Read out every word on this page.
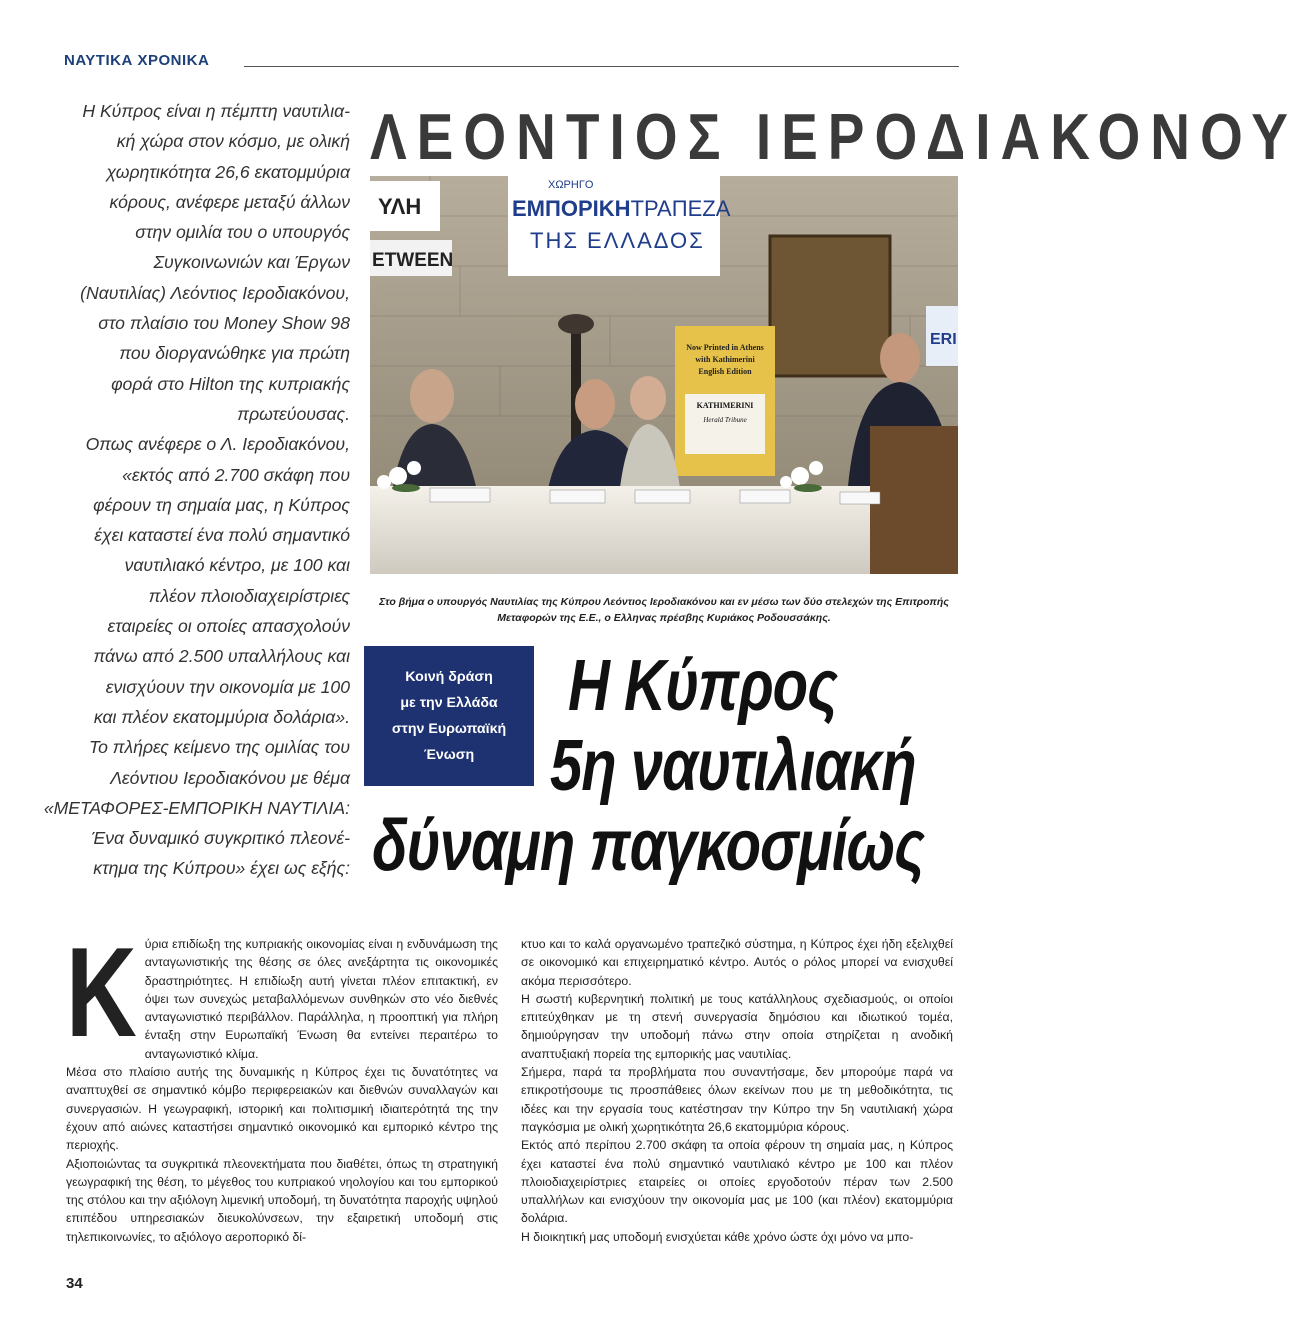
ΝΑΥΤΙΚΑ ΧΡΟΝΙΚΑ

Η Κύπρος είναι η πέμπτη ναυτιλια-

κή χώρα στον κόσμο, με ολική

χωρητικότητα 26,6 εκατομμύρια

κόρους, ανέφερε μεταξύ άλλων

στην ομιλία του ο υπουργός

Συγκοινωνιών και Έργων

(Ναυτιλίας) Λεόντιος Ιεροδιακόνου,

στο πλαίσιο του Money Show 98

που διοργανώθηκε για πρώτη

φορά στο Hilton της κυπριακής

πρωτεύουσας.

Οπως ανέφερε ο Λ. Ιεροδιακόνου,

«εκτός από 2.700 σκάφη που

φέρουν τη σημαία μας, η Κύπρος

έχει καταστεί ένα πολύ σημαντικό

ναυτιλιακό κέντρο, με 100 και

πλέον πλοιοδιαχειρίστριες

εταιρείες οι οποίες απασχολούν

πάνω από 2.500 υπαλλήλους και

ενισχύουν την οικονομία με 100

και πλέον εκατομμύρια δολάρια».

Το πλήρες κείμενο της ομιλίας του

Λεόντιου Ιεροδιακόνου με θέμα

«ΜΕΤΑΦΟΡΕΣ-ΕΜΠΟΡΙΚΗ ΝΑΥΤΙΛΙΑ:

Ένα δυναμικό συγκριτικό πλεονέ-

κτημα της Κύπρου» έχει ως εξής:

ΛΕΟΝΤΙΟΣ ΙΕΡΟΔΙΑΚΟΝΟΥ
ΥΛΗ
ETWEEN
ΧΩΡΗΓΟ
ΕΜΠΟΡΙΚΗΤΡΑΠΕΖΑ
ΤΗΣ ΕΛΛΑΔΟΣ
ERI
Now Printed in Athens
with Kathimerini
English Edition
KATHIMERINI
Herald Tribune
Στο βήμα ο υπουργός Ναυτιλίας της Κύπρου Λεόντιος Ιεροδιακόνου και εν μέσω των δύο στελεχών της Επιτροπής Μεταφορών της Ε.Ε., ο Ελληνας πρέσβης Κυριάκος Ροδουσσάκης.
Κοινή δράση
με την Ελλάδα
στην Ευρωπαϊκή
Ένωση
Η Κύπρος
5η ναυτιλιακή
δύναμη παγκοσμίως
Κ ύρια επιδίωξη της κυπριακής οικονομίας είναι η ενδυνάμωση της ανταγωνιστικής της θέσης σε όλες ανεξάρτητα τις οικονομικές δραστηριότητες. Η επιδίωξη αυτή γίνεται πλέον επιτακτική, εν όψει των συνεχώς μεταβαλλόμενων συνθηκών στο νέο διεθνές ανταγωνιστικό περιβάλλον. Παράλληλα, η προοπτική για πλήρη ένταξη στην Ευρωπαϊκή Ένωση θα εντείνει περαιτέρω το ανταγωνιστικό κλίμα.

Μέσα στο πλαίσιο αυτής της δυναμικής η Κύπρος έχει τις δυνατότητες να αναπτυχθεί σε σημαντικό κόμβο περιφερειακών και διεθνών συναλλαγών και συνεργασιών. Η γεωγραφική, ιστορική και πολιτισμική ιδιαιτερότητά της την έχουν από αιώνες καταστήσει σημαντικό οικονομικό και εμπορικό κέντρο της περιοχής.

Αξιοποιώντας τα συγκριτικά πλεονεκτήματα που διαθέτει, όπως τη στρατηγική γεωγραφική της θέση, το μέγεθος του κυπριακού νηολογίου και του εμπορικού της στόλου και την αξιόλογη λιμενική υποδομή, τη δυνατότητα παροχής υψηλού επιπέδου υπηρεσιακών διευκολύνσεων, την εξαιρετική υποδομή στις τηλεπικοινωνίες, το αξιόλογο αεροπορικό δί-

κτυο και το καλά οργανωμένο τραπεζικό σύστημα, η Κύπρος έχει ήδη εξελιχθεί σε οικονομικό και επιχειρηματικό κέντρο. Αυτός ο ρόλος μπορεί να ενισχυθεί ακόμα περισσότερο.

Η σωστή κυβερνητική πολιτική με τους κατάλληλους σχεδιασμούς, οι οποίοι επιτεύχθηκαν με τη στενή συνεργασία δημόσιου και ιδιωτικού τομέα, δημιούργησαν την υποδομή πάνω στην οποία στηρίζεται η ανοδική αναπτυξιακή πορεία της εμπορικής μας ναυτιλίας.

Σήμερα, παρά τα προβλήματα που συναντήσαμε, δεν μπορούμε παρά να επικροτήσουμε τις προσπάθειες όλων εκείνων που με τη μεθοδικότητα, τις ιδέες και την εργασία τους κατέστησαν την Κύπρο την 5η ναυτιλιακή χώρα παγκόσμια με ολική χωρητικότητα 26,6 εκατομμύρια κόρους.

Εκτός από περίπου 2.700 σκάφη τα οποία φέρουν τη σημαία μας, η Κύπρος έχει καταστεί ένα πολύ σημαντικό ναυτιλιακό κέντρο με 100 και πλέον πλοιοδιαχειρίστριες εταιρείες οι οποίες εργοδοτούν πέραν των 2.500 υπαλλήλων και ενισχύουν την οικονομία μας με 100 (και πλέον) εκατομμύρια δολάρια.

Η διοικητική μας υποδομή ενισχύεται κάθε χρόνο ώστε όχι μόνο να μπο-

34
